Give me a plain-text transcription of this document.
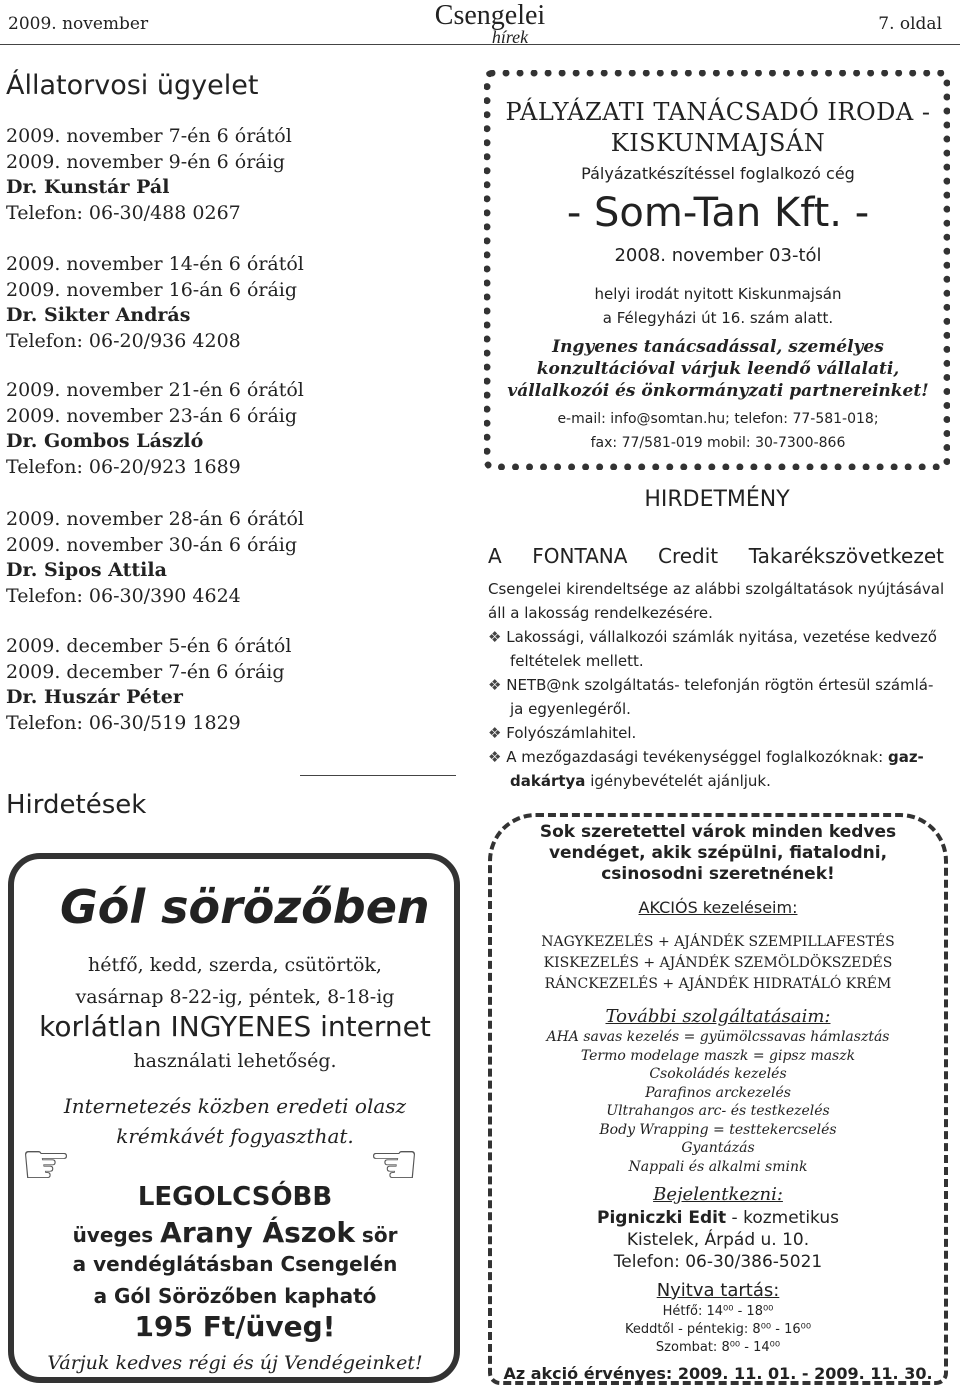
2009. november	Csengelei
hírek
7. oldal
Állatorvosi ügyelet
2009. november 7-én 6 órától
2009. november 9-én 6 óráig
Dr. Kunstár Pál
Telefon: 06-30/488 0267
2009. november 14-én 6 órától
2009. november 16-án 6 óráig
Dr. Sikter András
Telefon: 06-20/936 4208
2009. november 21-én 6 órától
2009. november 23-án 6 óráig
Dr. Gombos László
Telefon: 06-20/923 1689
2009. november 28-án 6 órától
2009. november 30-án 6 óráig
Dr. Sipos Attila
Telefon: 06-30/390 4624
2009. december 5-én 6 órától
2009. december 7-én 6 óráig
Dr. Huszár Péter
Telefon: 06-30/519 1829
Hirdetések
Gól sörözőben
hétfő, kedd, szerda, csütörtök,
vasárnap 8-22-ig, péntek, 8-18-ig
korlátlan INGYENES internet
használati lehetőség.
Internetezés közben eredeti olasz
krémkávét fogyaszthat.
☞	☞
LEGOLCSÓBB
üveges Arany Ászok sör
a vendéglátásban Csengelén
a Gól Sörözőben kapható
195 Ft/üveg!
Várjuk kedves régi és új Vendégeinket!
PÁLYÁZATI TANÁCSADÓ IRODA -
KISKUNMAJSÁN
Pályázatkészítéssel foglalkozó cég
- Som-Tan Kft. -
2008. november 03-tól
helyi irodát nyitott Kiskunmajsán
a Félegyházi út 16. szám alatt.
Ingyenes tanácsadással, személyes
konzultációval várjuk leendő vállalati,
vállalkozói és önkormányzati partnereinket!
e-mail: info@somtan.hu; telefon: 77-581-018;
fax: 77/581-019 mobil: 30-7300-866
HIRDETMÉNY
A FONTANA Credit Takarékszövetkezet
Csengelei kirendeltsége az alábbi szolgáltatások nyújtásával
áll a lakosság rendelkezésére.
❖ Lakossági, vállalkozói számlák nyitása, vezetése kedvező
feltételek mellett.
❖ NETB@nk szolgáltatás- telefonján rögtön értesül számlá-
ja egyenlegéről.
❖ Folyószámlahitel.
❖ A mezőgazdasági tevékenységgel foglalkozóknak: gaz-
dakártya igénybevételét ajánljuk.
Sok szeretettel várok minden kedves
vendéget, akik szépülni, fiatalodni,
csinosodni szeretnének!
AKCIÓS kezeléseim:
NAGYKEZELÉS + AJÁNDÉK SZEMPILLAFESTÉS
KISKEZELÉS + AJÁNDÉK SZEMÖLDÖKSZEDÉS
RÁNCKEZELÉS + AJÁNDÉK HIDRATÁLÓ KRÉM
További szolgáltatásaim:
AHA savas kezelés = gyümölcssavas hámlasztás
Termo modelage maszk = gipsz maszk
Csokoládés kezelés
Parafinos arckezelés
Ultrahangos arc- és testkezelés
Body Wrapping = testtekercselés
Gyantázás
Nappali és alkalmi smink
Bejelentkezni:
Pigniczki Edit - kozmetikus
Kistelek, Árpád u. 10.
Telefon: 06-30/386-5021
Nyitva tartás:
Hétfő: 14⁰⁰ - 18⁰⁰
Keddtől - péntekig: 8⁰⁰ - 16⁰⁰
Szombat: 8⁰⁰ - 14⁰⁰
Az akció érvényes: 2009. 11. 01. - 2009. 11. 30.
